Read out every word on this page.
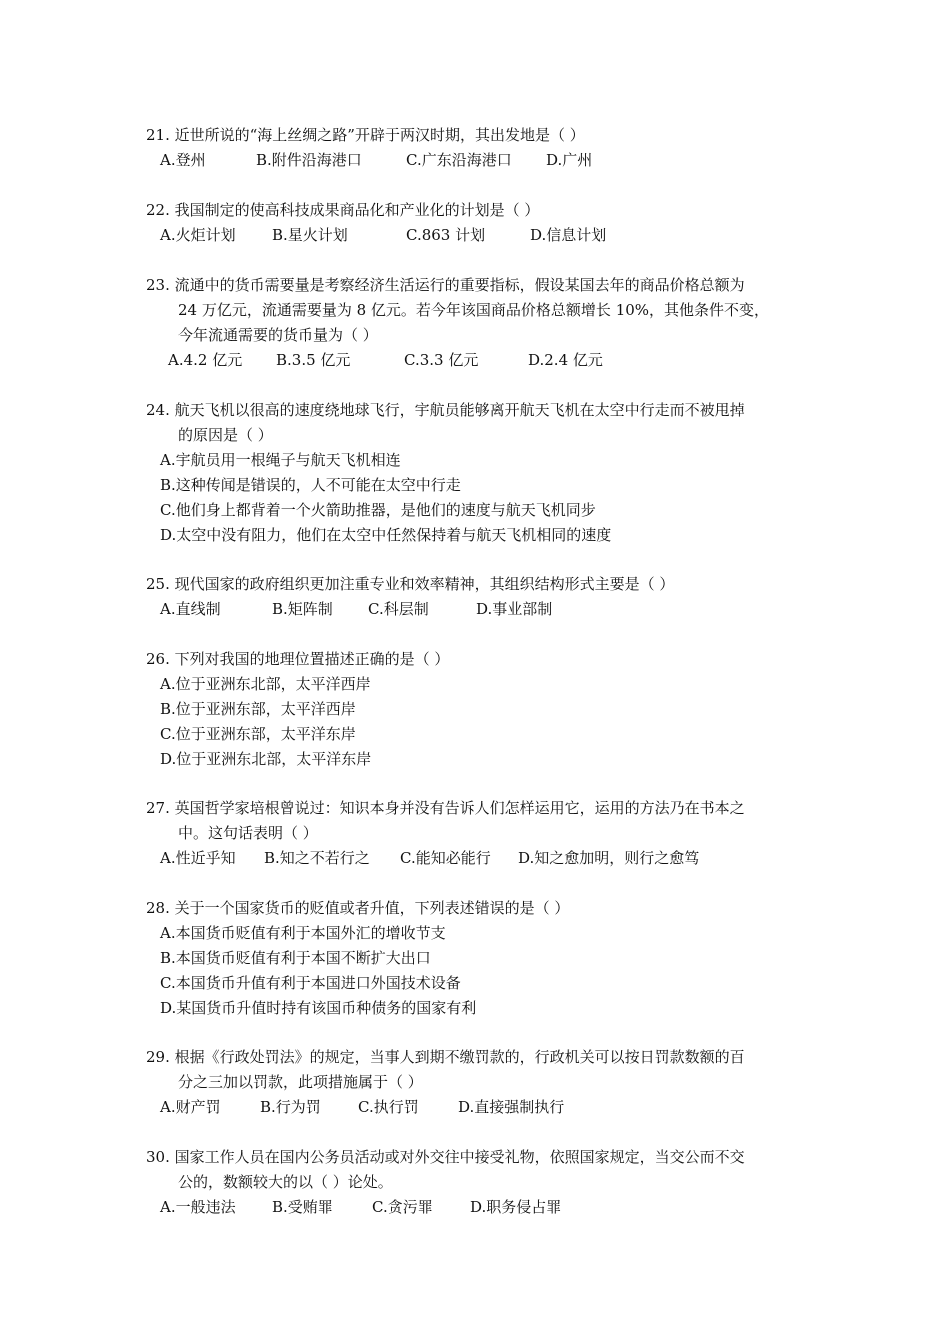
21. 近世所说的“海上丝绸之路”开辟于两汉时期，其出发地是（ ）
A.登州	B.附件沿海港口	C.广东沿海港口 D.广州
22. 我国制定的使高科技成果商品化和产业化的计划是（ ）
A.火炬计划 B.星火计划	C.863 计划	D.信息计划
23. 流通中的货币需要量是考察经济生活运行的重要指标，假设某国去年的商品价格总额为
24 万亿元，流通需要量为 8 亿元。若今年该国商品价格总额增长 10%，其他条件不变，
今年流通需要的货币量为（ ）
A.4.2 亿元 B.3.5 亿元	C.3.3 亿元	D.2.4 亿元
24. 航天飞机以很高的速度绕地球飞行，宇航员能够离开航天飞机在太空中行走而不被甩掉
的原因是（ ）
A.宇航员用一根绳子与航天飞机相连
B.这种传闻是错误的，人不可能在太空中行走
C.他们身上都背着一个火箭助推器，是他们的速度与航天飞机同步
D.太空中没有阻力，他们在太空中任然保持着与航天飞机相同的速度
25. 现代国家的政府组织更加注重专业和效率精神，其组织结构形式主要是（ ）
A.直线制	B.矩阵制 C.科层制	D.事业部制
26. 下列对我国的地理位置描述正确的是（ ）
A.位于亚洲东北部，太平洋西岸
B.位于亚洲东部，太平洋西岸
C.位于亚洲东部，太平洋东岸
D.位于亚洲东北部，太平洋东岸
27. 英国哲学家培根曾说过：知识本身并没有告诉人们怎样运用它，运用的方法乃在书本之
中。这句话表明（ ）
A.性近乎知 B.知之不若行之 C.能知必能行 D.知之愈加明，则行之愈笃
28. 关于一个国家货币的贬值或者升值，下列表述错误的是（ ）
A.本国货币贬值有利于本国外汇的增收节支
B.本国货币贬值有利于本国不断扩大出口
C.本国货币升值有利于本国进口外国技术设备
D.某国货币升值时持有该国币种债务的国家有利
29. 根据《行政处罚法》的规定，当事人到期不缴罚款的，行政机关可以按日罚款数额的百
分之三加以罚款，此项措施属于（ ）
A.财产罚	B.行为罚 C.执行罚	D.直接强制执行
30. 国家工作人员在国内公务员活动或对外交往中接受礼物，依照国家规定，当交公而不交
公的，数额较大的以（ ）论处。
A.一般违法 B.受贿罪	C.贪污罪 D.职务侵占罪
